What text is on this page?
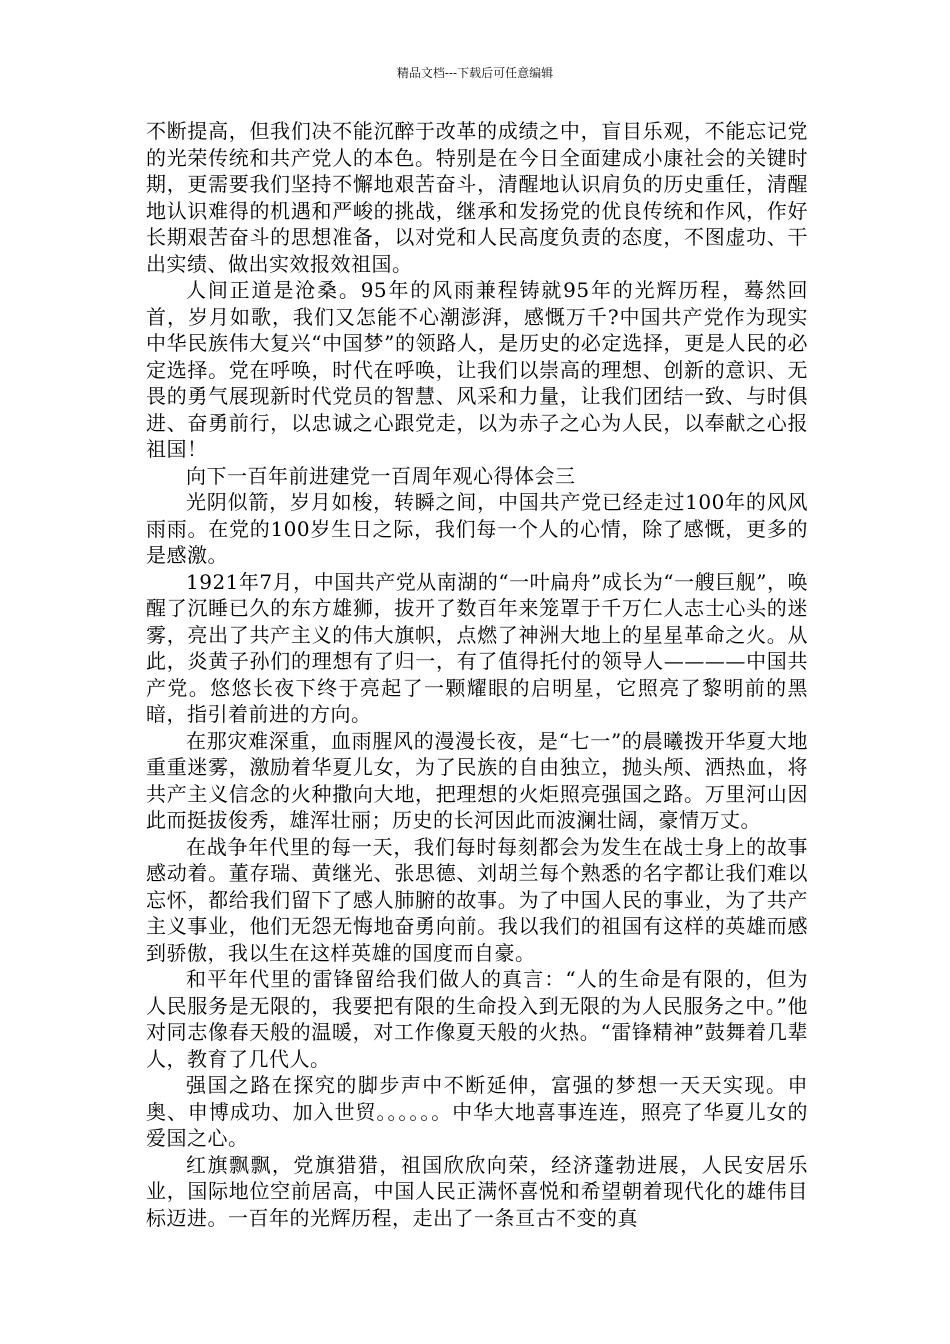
精品文档---下载后可任意编辑

不断提高，但我们决不能沉醉于改革的成绩之中，盲目乐观，不能忘记党的光荣传统和共产党人的本色。特别是在今日全面建成小康社会的关键时期，更需要我们坚持不懈地艰苦奋斗，清醒地认识肩负的历史重任，清醒地认识难得的机遇和严峻的挑战，继承和发扬党的优良传统和作风，作好长期艰苦奋斗的思想准备，以对党和人民高度负责的态度，不图虚功、干出实绩、做出实效报效祖国。

人间正道是沧桑。95年的风雨兼程铸就95年的光辉历程，蓦然回首，岁月如歌，我们又怎能不心潮澎湃，感慨万千?中国共产党作为现实中华民族伟大复兴“中国梦”的领路人，是历史的必定选择，更是人民的必定选择。党在呼唤，时代在呼唤，让我们以崇高的理想、创新的意识、无畏的勇气展现新时代党员的智慧、风采和力量，让我们团结一致、与时俱进、奋勇前行，以忠诚之心跟党走，以为赤子之心为人民，以奉献之心报祖国！

向下一百年前进建党一百周年观心得体会三

光阴似箭，岁月如梭，转瞬之间，中国共产党已经走过100年的风风雨雨。在党的100岁生日之际，我们每一个人的心情，除了感慨，更多的是感激。

1921年7月，中国共产党从南湖的“一叶扁舟”成长为“一艘巨舰”，唤醒了沉睡已久的东方雄狮，拔开了数百年来笼罩于千万仁人志士心头的迷雾，亮出了共产主义的伟大旗帜，点燃了神洲大地上的星星革命之火。从此，炎黄子孙们的理想有了归一，有了值得托付的领导人————中国共产党。悠悠长夜下终于亮起了一颗耀眼的启明星，它照亮了黎明前的黑暗，指引着前进的方向。

在那灾难深重，血雨腥风的漫漫长夜，是“七一”的晨曦拨开华夏大地重重迷雾，激励着华夏儿女，为了民族的自由独立，抛头颅、洒热血，将共产主义信念的火种撒向大地，把理想的火炬照亮强国之路。万里河山因此而挺拔俊秀，雄浑壮丽；历史的长河因此而波澜壮阔，豪情万丈。

在战争年代里的每一天，我们每时每刻都会为发生在战士身上的故事感动着。董存瑞、黄继光、张思德、刘胡兰每个熟悉的名字都让我们难以忘怀，都给我们留下了感人肺腑的故事。为了中国人民的事业，为了共产主义事业，他们无怨无悔地奋勇向前。我以我们的祖国有这样的英雄而感到骄傲，我以生在这样英雄的国度而自豪。

和平年代里的雷锋留给我们做人的真言：“人的生命是有限的，但为人民服务是无限的，我要把有限的生命投入到无限的为人民服务之中。”他对同志像春天般的温暖，对工作像夏天般的火热。“雷锋精神”鼓舞着几辈人，教育了几代人。

强国之路在探究的脚步声中不断延伸，富强的梦想一天天实现。申奥、申博成功、加入世贸。。。。。。中华大地喜事连连，照亮了华夏儿女的爱国之心。

红旗飘飘，党旗猎猎，祖国欣欣向荣，经济蓬勃进展，人民安居乐业，国际地位空前居高，中国人民正满怀喜悦和希望朝着现代化的雄伟目标迈进。一百年的光辉历程，走出了一条亘古不变的真
